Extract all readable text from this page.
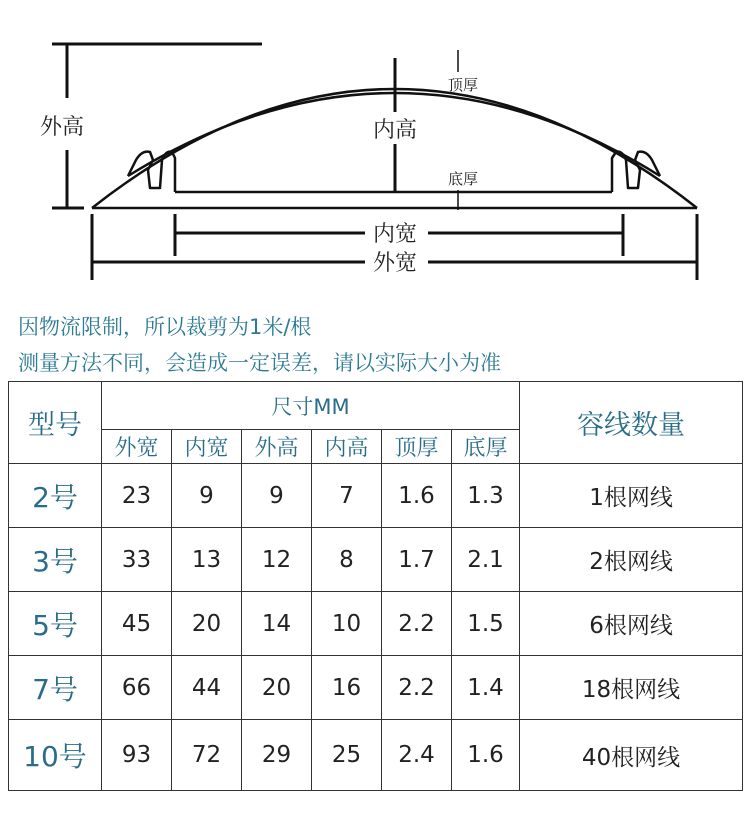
外高	内高
顶厚
底厚
内宽
外宽
因物流限制，所以裁剪为1米/根
测量方法不同，会造成一定误差，请以实际大小为准
型号	尺寸MM						容线数量
	外宽	内宽	外高	内高	顶厚	底厚	
2号	23	9	9	7	1.6	1.3	1根网线
3号	33	13	12	8	1.7	2.1	2根网线
5号	45	20	14	10	2.2	1.5	6根网线
7号	66	44	20	16	2.2	1.4	18根网线
10号	93	72	29	25	2.4	1.6	40根网线
